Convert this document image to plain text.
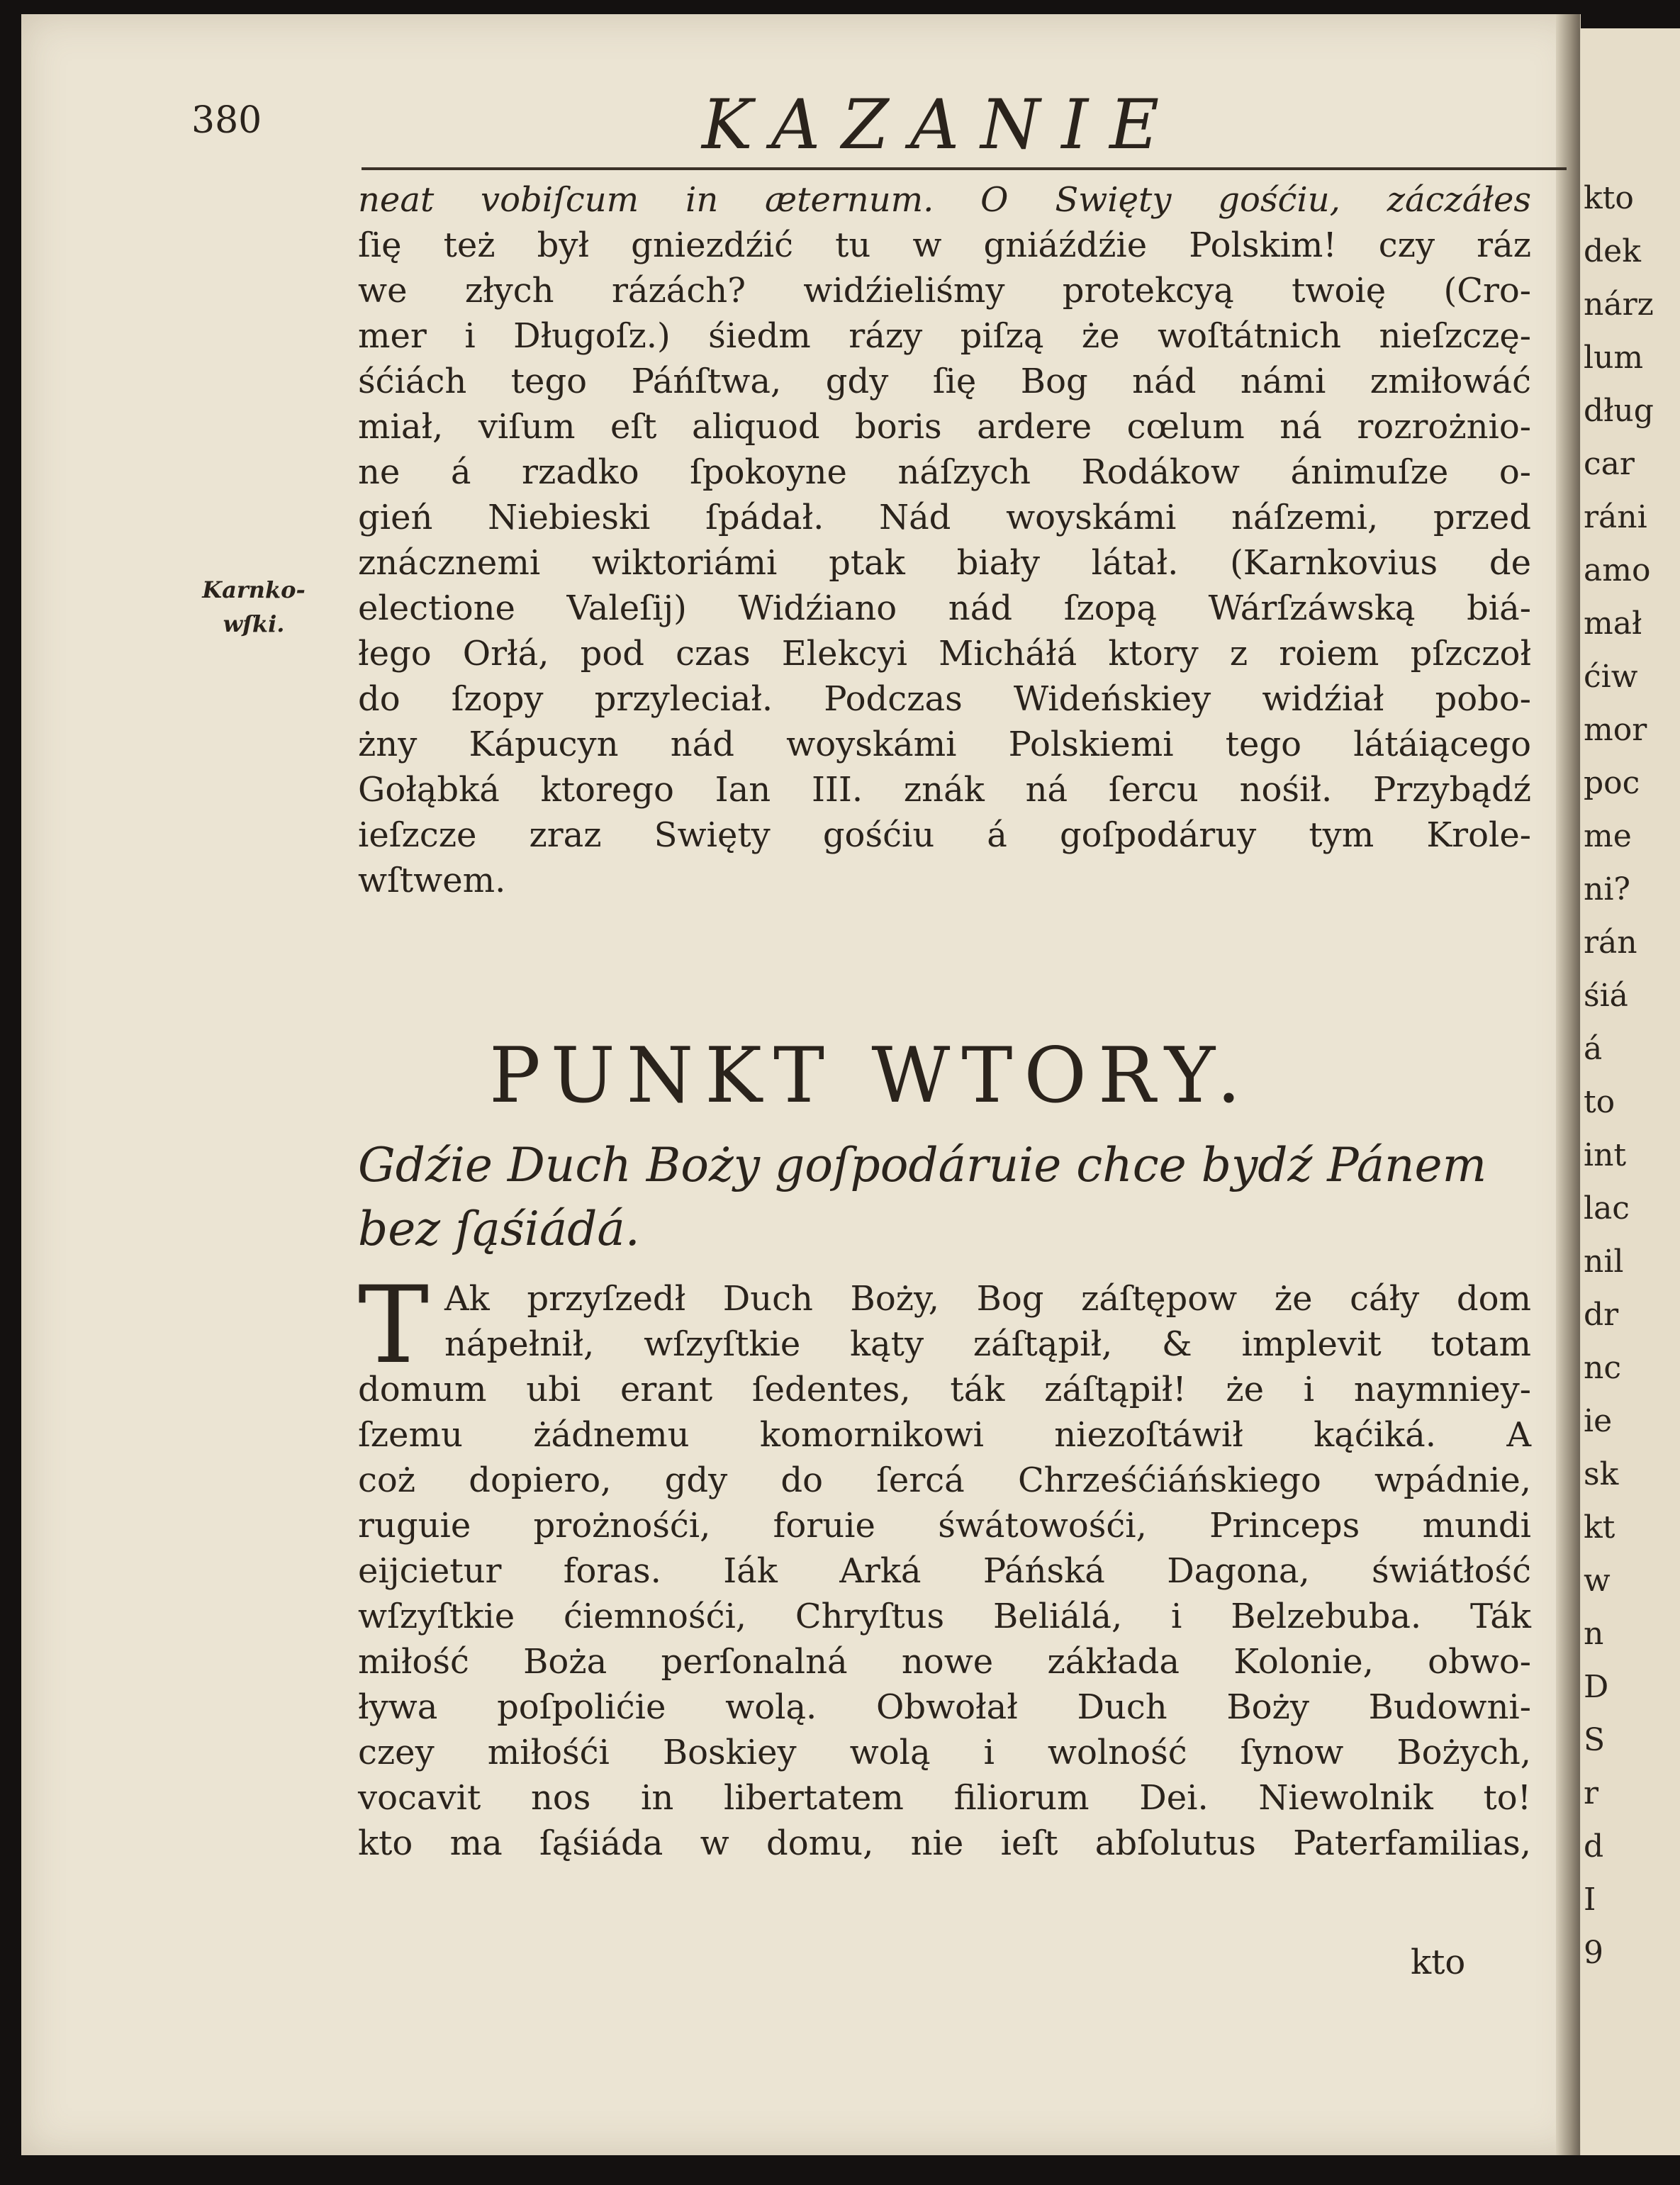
kto
dek
nárz
lum
dług
car
ráni
amo
mał
ćiw
mor
poc
me
ni?
rán
śiá
á
to
int
lac
nil
dr
nc
ie
sk
kt
w
n
D
S
r
d
I
9
380	KAZANIE
Karnko-
wſki.
neat vobiſcum in æternum. O Swięty gośćiu, záczáłes
ſię też był gniezdźić tu w gniáźdźie Polskim! czy ráz
we złych rázách? widźieliśmy protekcyą twoię (Cro-
mer i Długoſz.) śiedm rázy piſzą że woſtátnich nieſzczę-
śćiách tego Páńſtwa, gdy ſię Bog nád námi zmiłowáć
miał, viſum eſt aliquod boris ardere cœlum ná rozrożnio-
ne á rzadko ſpokoyne náſzych Rodákow ánimuſze o-
gień Niebieski ſpádał. Nád woyskámi náſzemi, przed
znácznemi wiktoriámi ptak biały látał. (Karnkovius de
electione Valeſij) Widźiano nád ſzopą Wárſzáwską biá-
łego Orłá, pod czas Elekcyi Micháłá ktory z roiem pſzczoł
do ſzopy przyleciał. Podczas Wideńskiey widźiał pobo-
żny Kápucyn nád woyskámi Polskiemi tego látáiącego
Gołąbká ktorego Ian III. znák ná ſercu nośił. Przybądź
ieſzcze zraz Swięty gośćiu á goſpodáruy tym Krole-
wſtwem.
PUNKT WTORY.
Gdźie Duch Boży goſpodáruie chce bydź Pánem
bez ſąśiádá.
T Ak przyſzedł Duch Boży, Bog záſtępow że cáły dom
nápełnił, wſzyſtkie kąty záſtąpił, & implevit totam
domum ubi erant ſedentes, ták záſtąpił! że i naymniey-
ſzemu żádnemu komornikowi niezoſtáwił kąćiká. A
coż dopiero, gdy do ſercá Chrześćiáńskiego wpádnie,
ruguie prożnośći, foruie śwátowośći, Princeps mundi
eijcietur foras. Iák Arká Páńská Dagona, świátłość
wſzyſtkie ćiemnośći, Chryſtus Beliálá, i Belzebuba. Ták
miłość Boża perſonalná nowe zákłada Kolonie, obwo-
ływa poſpolićie wolą. Obwołał Duch Boży Budowni-
czey miłośći Boskiey wolą i wolność ſynow Bożych,
vocavit nos in libertatem filiorum Dei. Niewolnik to!
kto ma ſąśiáda w domu, nie ieſt abſolutus Paterfamilias,
kto
